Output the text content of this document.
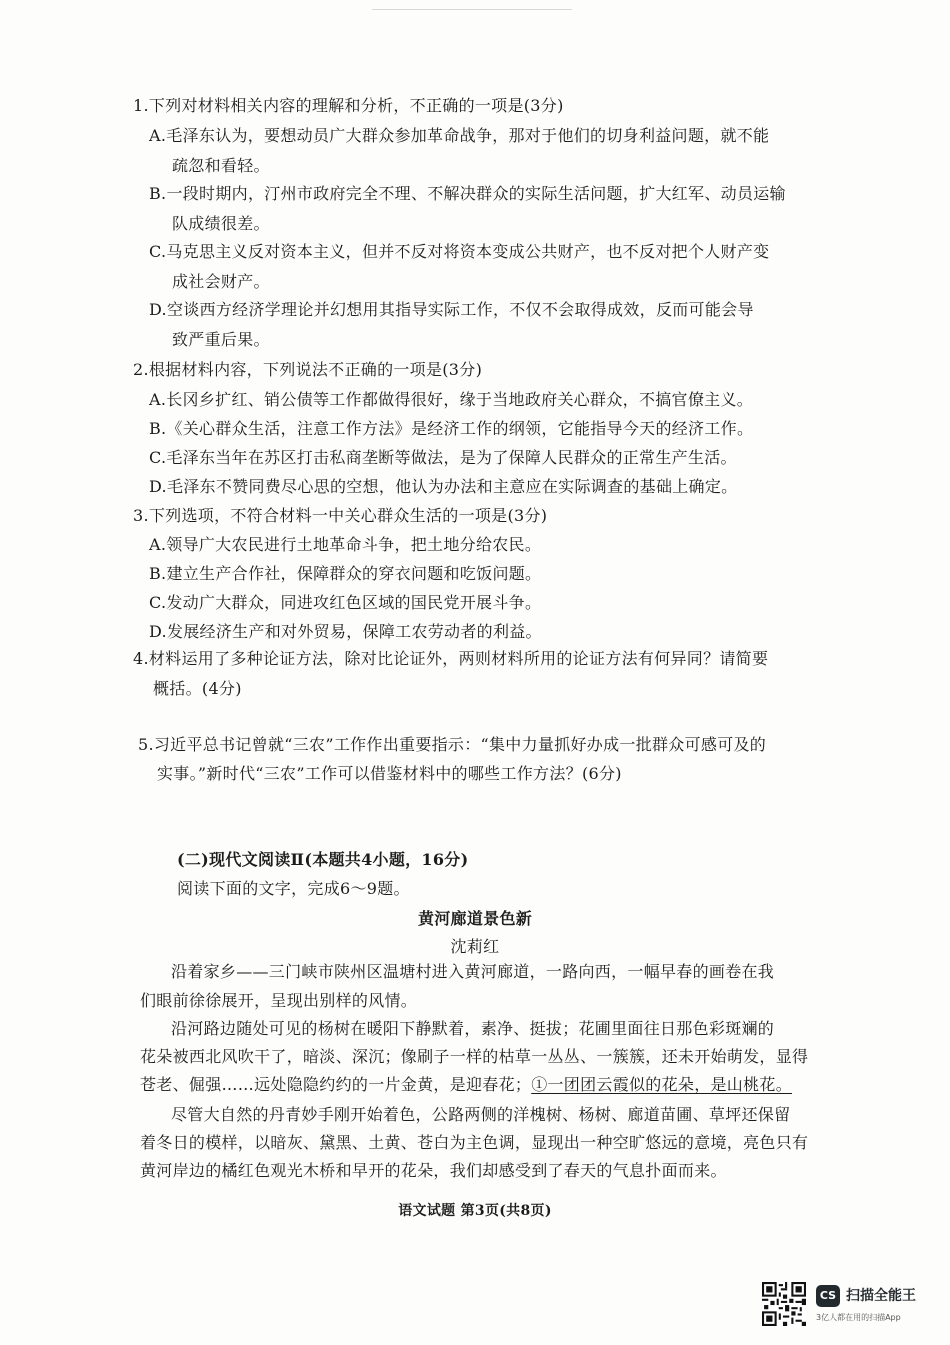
1.下列对材料相关内容的理解和分析，不正确的一项是(3分)
A.毛泽东认为，要想动员广大群众参加革命战争，那对于他们的切身利益问题，就不能
疏忽和看轻。
B.一段时期内，汀州市政府完全不理、不解决群众的实际生活问题，扩大红军、动员运输
队成绩很差。
C.马克思主义反对资本主义，但并不反对将资本变成公共财产，也不反对把个人财产变
成社会财产。
D.空谈西方经济学理论并幻想用其指导实际工作，不仅不会取得成效，反而可能会导
致严重后果。
2.根据材料内容，下列说法不正确的一项是(3分)
A.长冈乡扩红、销公债等工作都做得很好，缘于当地政府关心群众，不搞官僚主义。
B.《关心群众生活，注意工作方法》是经济工作的纲领，它能指导今天的经济工作。
C.毛泽东当年在苏区打击私商垄断等做法，是为了保障人民群众的正常生产生活。
D.毛泽东不赞同费尽心思的空想，他认为办法和主意应在实际调查的基础上确定。
3.下列选项，不符合材料一中关心群众生活的一项是(3分)
A.领导广大农民进行土地革命斗争，把土地分给农民。
B.建立生产合作社，保障群众的穿衣问题和吃饭问题。
C.发动广大群众，同进攻红色区域的国民党开展斗争。
D.发展经济生产和对外贸易，保障工农劳动者的利益。
4.材料运用了多种论证方法，除对比论证外，两则材料所用的论证方法有何异同？请简要
概括。(4分)
5.习近平总书记曾就“三农”工作作出重要指示：“集中力量抓好办成一批群众可感可及的
实事。”新时代“三农”工作可以借鉴材料中的哪些工作方法？(6分)
(二)现代文阅读Ⅱ(本题共4小题，16分)
阅读下面的文字，完成6～9题。
黄河廊道景色新
沈莉红
沿着家乡——三门峡市陕州区温塘村进入黄河廊道，一路向西，一幅早春的画卷在我
们眼前徐徐展开，呈现出别样的风情。
沿河路边随处可见的杨树在暖阳下静默着，素净、挺拔；花圃里面往日那色彩斑斓的
花朵被西北风吹干了，暗淡、深沉；像刷子一样的枯草一丛丛、一簇簇，还未开始萌发，显得
苍老、倔强……远处隐隐约约的一片金黄，是迎春花；①一团团云霞似的花朵，是山桃花。
尽管大自然的丹青妙手刚开始着色，公路两侧的洋槐树、杨树、廊道苗圃、草坪还保留
着冬日的模样，以暗灰、黛黑、土黄、苍白为主色调，显现出一种空旷悠远的意境，亮色只有
黄河岸边的橘红色观光木桥和早开的花朵，我们却感受到了春天的气息扑面而来。
语文试题 第3页(共8页)
CS 扫描全能王
3亿人都在用的扫描App
